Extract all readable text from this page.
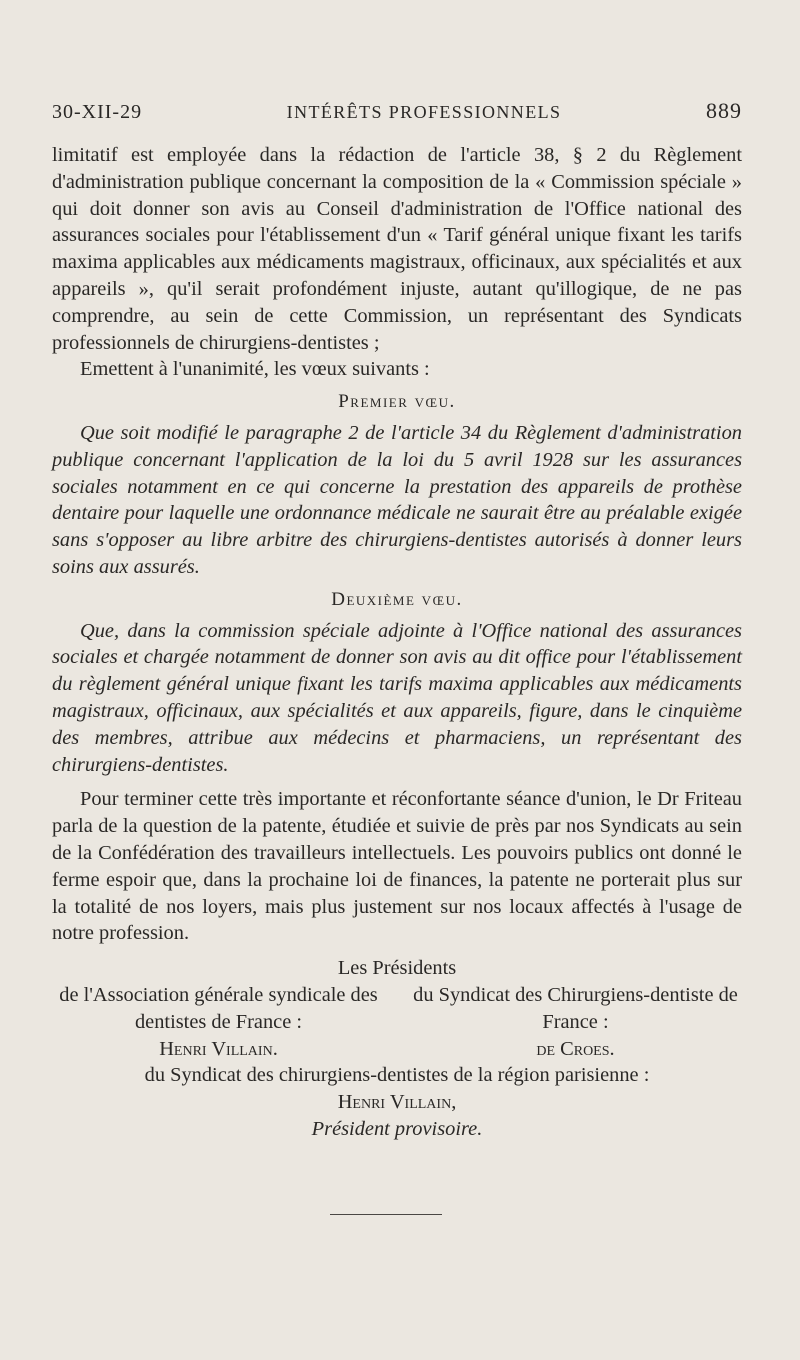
30-XII-29	INTÉRÊTS PROFESSIONNELS	889

limitatif est employée dans la rédaction de l'article 38, § 2 du Règlement d'administration publique concernant la composition de la « Commission spéciale » qui doit donner son avis au Conseil d'administration de l'Office national des assurances sociales pour l'établissement d'un « Tarif général unique fixant les tarifs maxima applicables aux médicaments magistraux, officinaux, aux spécialités et aux appareils », qu'il serait profondément injuste, autant qu'illogique, de ne pas comprendre, au sein de cette Commission, un représentant des Syndicats professionnels de chirurgiens-dentistes ;

Emettent à l'unanimité, les vœux suivants :

Premier vœu.

Que soit modifié le paragraphe 2 de l'article 34 du Règlement d'administration publique concernant l'application de la loi du 5 avril 1928 sur les assurances sociales notamment en ce qui concerne la prestation des appareils de prothèse dentaire pour laquelle une ordonnance médicale ne saurait être au préalable exigée sans s'opposer au libre arbitre des chirurgiens-dentistes autorisés à donner leurs soins aux assurés.

Deuxième vœu.

Que, dans la commission spéciale adjointe à l'Office national des assurances sociales et chargée notamment de donner son avis au dit office pour l'établissement du règlement général unique fixant les tarifs maxima applicables aux médicaments magistraux, officinaux, aux spécialités et aux appareils, figure, dans le cinquième des membres, attribue aux médecins et pharmaciens, un représentant des chirurgiens-dentistes.

Pour terminer cette très importante et réconfortante séance d'union, le Dr Friteau parla de la question de la patente, étudiée et suivie de près par nos Syndicats au sein de la Confédération des travailleurs intellectuels. Les pouvoirs publics ont donné le ferme espoir que, dans la prochaine loi de finances, la patente ne porterait plus sur la totalité de nos loyers, mais plus justement sur nos locaux affectés à l'usage de notre profession.

Les Présidents
de l'Association générale syndicale des dentistes de France :
Henri Villain.
du Syndicat des Chirurgiens-dentiste de France :
de Croes.
du Syndicat des chirurgiens-dentistes de la région parisienne :
Henri Villain,
Président provisoire.
